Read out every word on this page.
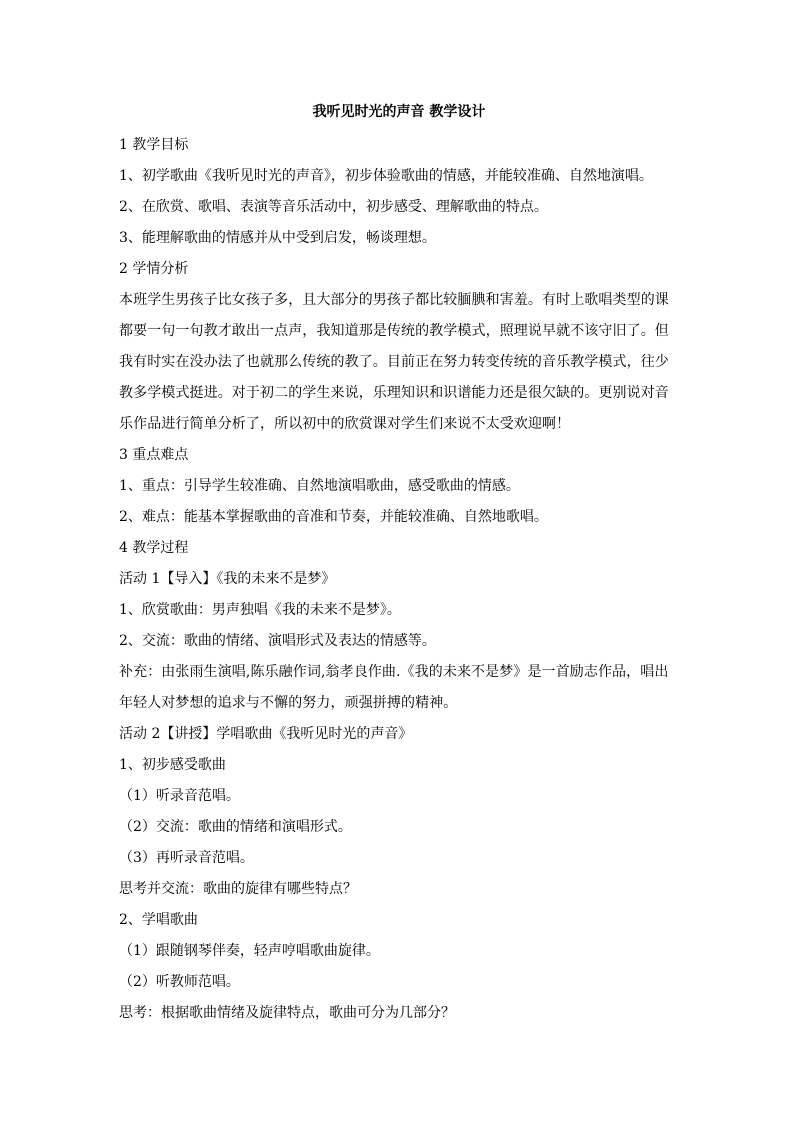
我听见时光的声音 教学设计
1 教学目标
1、初学歌曲《我听见时光的声音》，初步体验歌曲的情感，并能较准确、自然地演唱。
2、在欣赏、歌唱、表演等音乐活动中，初步感受、理解歌曲的特点。
3、能理解歌曲的情感并从中受到启发，畅谈理想。
2 学情分析
本班学生男孩子比女孩子多，且大部分的男孩子都比较腼腆和害羞。有时上歌唱类型的课都要一句一句教才敢出一点声，我知道那是传统的教学模式，照理说早就不该守旧了。但我有时实在没办法了也就那么传统的教了。目前正在努力转变传统的音乐教学模式，往少教多学模式挺进。对于初二的学生来说，乐理知识和识谱能力还是很欠缺的。更别说对音乐作品进行简单分析了，所以初中的欣赏课对学生们来说不太受欢迎啊！
3 重点难点
1、重点：引导学生较准确、自然地演唱歌曲，感受歌曲的情感。
2、难点：能基本掌握歌曲的音准和节奏，并能较准确、自然地歌唱。
4 教学过程
活动 1【导入】《我的未来不是梦》
1、欣赏歌曲：男声独唱《我的未来不是梦》。
2、交流：歌曲的情绪、演唱形式及表达的情感等。
补充：由张雨生演唱,陈乐融作词,翁孝良作曲.《我的未来不是梦》是一首励志作品，唱出年轻人对梦想的追求与不懈的努力，顽强拼搏的精神。
活动 2【讲授】学唱歌曲《我听见时光的声音》
1、初步感受歌曲
（1）听录音范唱。
（2）交流：歌曲的情绪和演唱形式。
（3）再听录音范唱。
思考并交流：歌曲的旋律有哪些特点？
2、学唱歌曲
（1）跟随钢琴伴奏，轻声哼唱歌曲旋律。
（2）听教师范唱。
思考：根据歌曲情绪及旋律特点，歌曲可分为几部分？
